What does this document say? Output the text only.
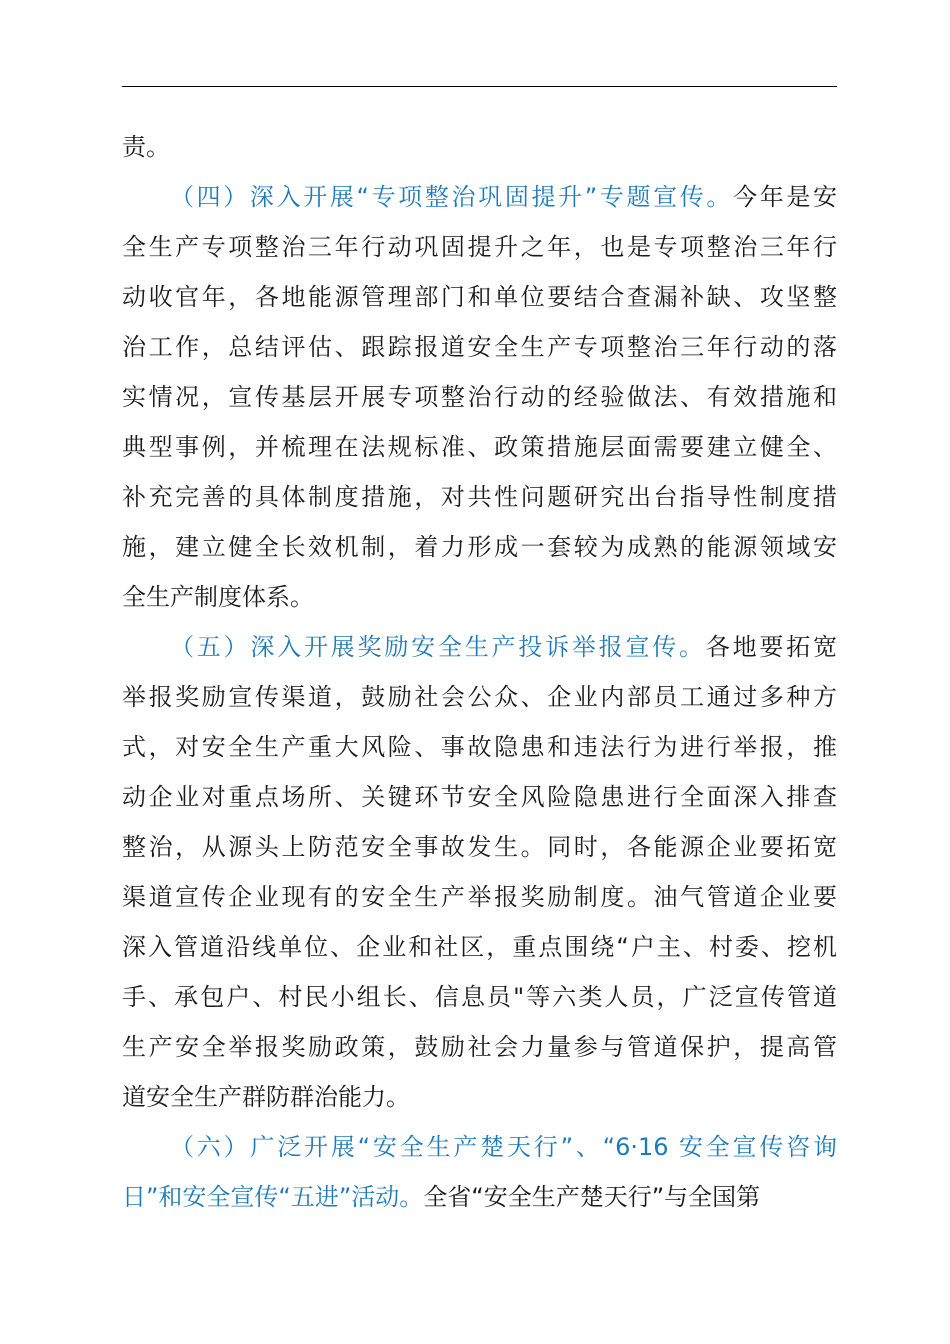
责。
（四）深入开展“专项整治巩固提升”专题宣传。今年是安
全生产专项整治三年行动巩固提升之年，也是专项整治三年行
动收官年，各地能源管理部门和单位要结合查漏补缺、攻坚整
治工作，总结评估、跟踪报道安全生产专项整治三年行动的落
实情况，宣传基层开展专项整治行动的经验做法、有效措施和
典型事例，并梳理在法规标准、政策措施层面需要建立健全、
补充完善的具体制度措施，对共性问题研究出台指导性制度措
施，建立健全长效机制，着力形成一套较为成熟的能源领域安
全生产制度体系。
（五）深入开展奖励安全生产投诉举报宣传。各地要拓宽
举报奖励宣传渠道，鼓励社会公众、企业内部员工通过多种方
式，对安全生产重大风险、事故隐患和违法行为进行举报，推
动企业对重点场所、关键环节安全风险隐患进行全面深入排查
整治，从源头上防范安全事故发生。同时，各能源企业要拓宽
渠道宣传企业现有的安全生产举报奖励制度。油气管道企业要
深入管道沿线单位、企业和社区，重点围绕“户主、村委、挖机
手、承包户、村民小组长、信息员"等六类人员，广泛宣传管道
生产安全举报奖励政策，鼓励社会力量参与管道保护，提高管
道安全生产群防群治能力。
（六）广泛开展“安全生产楚天行”、“6·16 安全宣传咨询
日”和安全宣传“五进”活动。全省“安全生产楚天行”与全国第
